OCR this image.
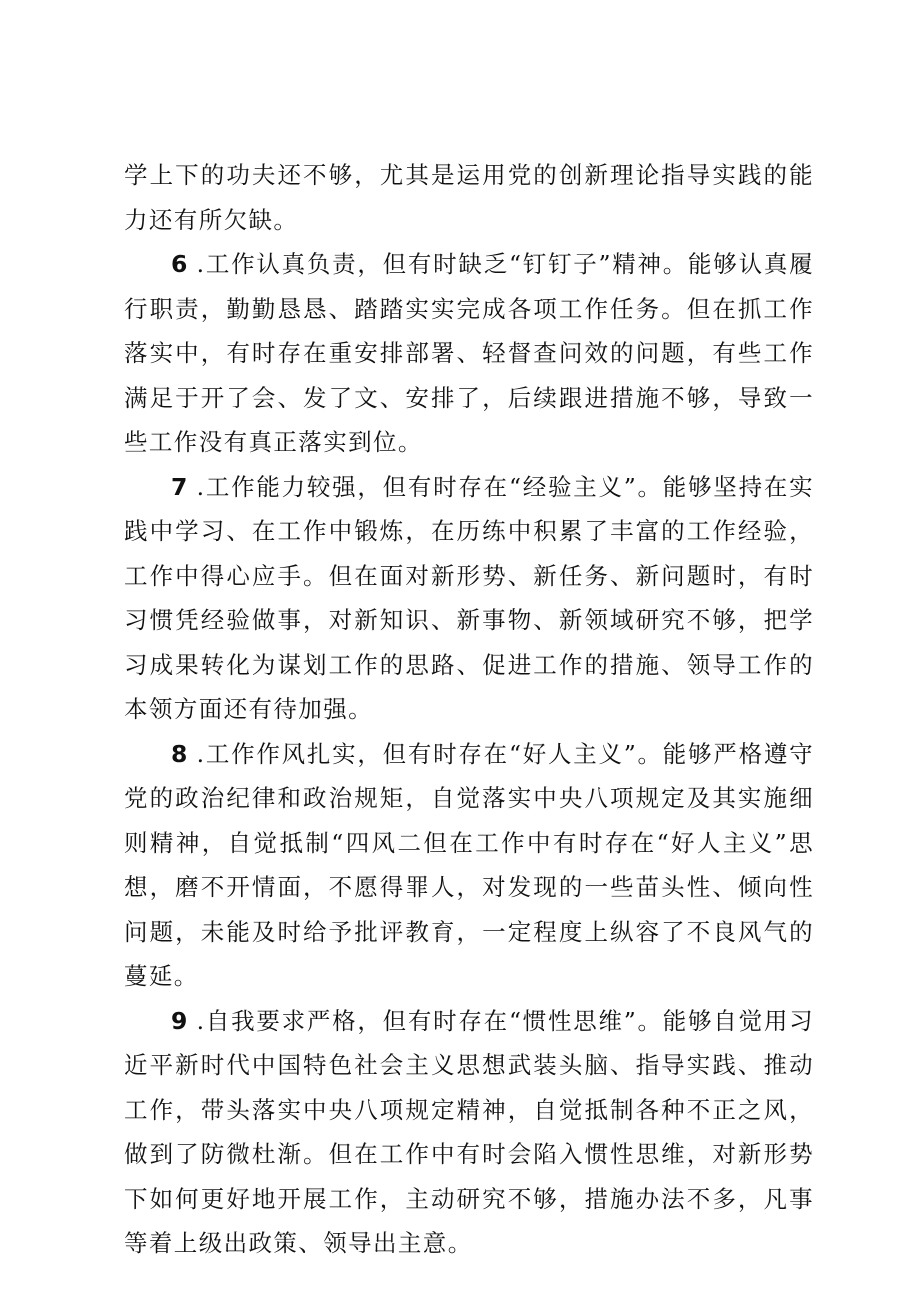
学上下的功夫还不够，尤其是运用党的创新理论指导实践的能力还有所欠缺。

6 .工作认真负责，但有时缺乏“钉钉子”精神。能够认真履行职责，勤勤恳恳、踏踏实实完成各项工作任务。但在抓工作落实中，有时存在重安排部署、轻督查问效的问题，有些工作满足于开了会、发了文、安排了，后续跟进措施不够，导致一些工作没有真正落实到位。

7 .工作能力较强，但有时存在“经验主义”。能够坚持在实践中学习、在工作中锻炼，在历练中积累了丰富的工作经验，工作中得心应手。但在面对新形势、新任务、新问题时，有时习惯凭经验做事，对新知识、新事物、新领域研究不够，把学习成果转化为谋划工作的思路、促进工作的措施、领导工作的本领方面还有待加强。

8 .工作作风扎实，但有时存在“好人主义”。能够严格遵守党的政治纪律和政治规矩，自觉落实中央八项规定及其实施细则精神，自觉抵制“四风二但在工作中有时存在“好人主义”思想，磨不开情面，不愿得罪人，对发现的一些苗头性、倾向性问题，未能及时给予批评教育，一定程度上纵容了不良风气的蔓延。

9 .自我要求严格，但有时存在“惯性思维”。能够自觉用习近平新时代中国特色社会主义思想武装头脑、指导实践、推动工作，带头落实中央八项规定精神，自觉抵制各种不正之风，做到了防微杜渐。但在工作中有时会陷入惯性思维，对新形势下如何更好地开展工作，主动研究不够，措施办法不多，凡事等着上级出政策、领导出主意。
